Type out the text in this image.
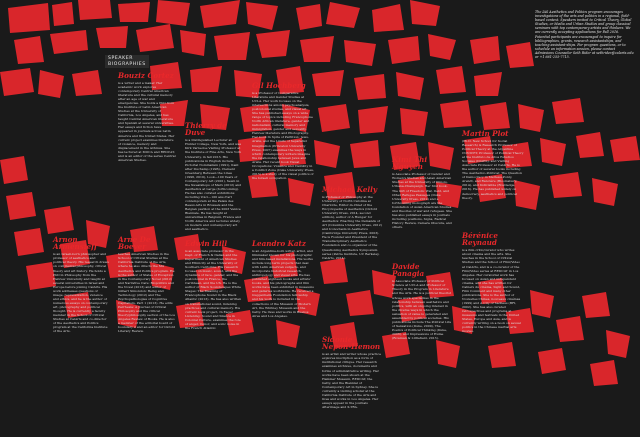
SPEAKER
BIOGRAPHIES
The IAS Aesthetics and Politics program encourages investigations of the arts and politics in a regional, field-based context. Speakers invited to Critical Theory, Global Studies, or Media and Urban Studies and group classical seminars with top contemporary artists and thinkers. We are currently accepting applications for Fall 2016. Potential participants are encouraged to inquire for bibliographies, grants, research assistantships, and teaching assistant-ships. For program questions, or to schedule an information session, please contact Admissions Counselor Seth Rider at sethrider@calarts.edu or +1 661-255-7715.
Arnon Armensieff
is an Israeli-born philosopher and professor of aesthetics and political theory. His research draws on continental philosophy, critical theory and art history. He holds a PhD in Philosophy from the Hebrew University and taught at several universities in Israel and Europe before joining CalArts. His work addresses questions of image, representation, violence and ethics, and he is the author of numerous essays on contemporary art, photography and political thought. He is currently a faculty member in the School of Critical Studies at CalArts and co-director of the Aesthetics and Politics program at the California Institute of the Arts.
Bouziz Cortez
is a writer and a maker. Her academic work explores contemporary Central American literature and the cultural memory after an age of war and emergencies. She holds a PhD from the Institute of Latin American Studies at the University of California, Los Angeles, and has taught Central American literature and Spanish at several universities. Her essays and fiction have appeared in journals across Latin America and the United States. Her current project examines literature of violence, memory and displacement in the isthmus. She has lectured at MOCA and REDCAT, and is an editor of the series Central American Studies.
Arne De Boever
teaches American Studies in the School of Critical Studies at the California Institute of the Arts, where he also directs the MA Aesthetics and Politics program. He is the author of States of Exception in the Contemporary Novel (2012) and Narrative Care: Biopolitics and the Novel (2013) and editor of Gilbert Simondon: Being and Technology (2012) and The Psychopathologies of Cognitive Capitalism, Part 1 (2013). He edits Parrhesia: A Journal of Critical Philosophy and the critical theory/philosophy section of the Los Angeles Review of Books. He is also a member of the editorial board of boundary 2 and an editor for Oxford Literary Review.
Thierry de Duve
is a Distinguished Lecturer at Hunter College, New York, and was Kirk Varnedoe Visiting Professor at the Institute of Fine Arts, New York University, in fall 2013. His publications in English include Pictorial Nominalism (1991), Kant after Duchamp (1996), Clement Greenberg Between the Lines (1996, 2010), Look—100 Years of Contemporary Art (2001), Sewn in the Sweatshops of Marx (2012) and Aesthetics at Large (forthcoming). He has also curated exhibitions including Voici—100 ans d'art contemporain at the Palais des Beaux-Arts in Brussels and the Belgian pavilion at the 2003 Venice Biennale. He has taught at universities in Belgium, France and North America and lectures widely on modern and contemporary art and aesthetics.
Edwin Hill
is an associate professor in the Dept. of French & Italian and the Department of American Studies and Ethnicity at the University of Southern California. His research focuses on music, sound, and the dynamics of race, gender, and the postcolonial in France, the Caribbean, and the US. He is the author of Black Soundscapes White Stages: The Meaning of Francophone Sound in the Black Atlantic (2013). He has also written on transnational sound, listening practices and cultural memory. His current book project, In Eager Listening: Sound and Silence in Colonial Culture, examines the role of anger, rumor, and sonic noise in the French Atlantic.
Gil Hochberg
is a Professor of Comparative Literature and Gender Studies at UCLA. Her work focuses on the intersections among psychoanalysis, postcolonial studies, and visual art. She has published essays on a wide range of topics including Francophone North African literature, gender and nationalism, cultural memory and immigration, gender and sexuality, Hebrew literature and Photography. Her book In Spite of Partition: Jews, Arabs, and the Limits of Separatist Imagination (Princeton University Press, 2007) examines the ways in which contemporary writers imagine the relationship between Jews and Arabs. Her recent book Visual Occupations: Violence and Visibility in a Conflict Zone (Duke University Press, 2015) is a study of the visual politics of the Israeli occupation.
Leandro Katz
is an Argentine-born writer, artist, and filmmaker known for his photographic and film-based installations. His works include long-term projects that deal with Latin American subjects, and incorporate historical research, anthropology and visual arts. He has published eighteen books and artists' books, and his photographs and film works have been exhibited in museums and galleries worldwide. He received a Guggenheim Foundation fellowship and his work is included in the collections of the Museum of Modern Art, the Whitney Museum and the Getty. He lives and works in Buenos Aires and Los Angeles.
Michael Kelly
is Professor of Philosophy at the University of North Carolina at Charlotte, Editor-in-Chief of the Encyclopedia of Aesthetics (Oxford University Press, 2014, second edition), author of A Hunger for Aesthetics: Enacting the Demands of Art (Columbia University Press, 2012) and Iconoclasm in Aesthetics (Cambridge University Press, 2003). He is Founder and President of the Transdisciplinary Aesthetics Foundation and co-organizer of the Questioning Aesthetics Symposium series (Petrie Institute, UC Berkeley, CalArts, 2014).
Sidonie Nepon-Hemon
is an artist and writer whose practice explores inscription as a form of institutional critique. Her research examines archives, documents and forms of administrative writing. Her works have been shown at the Hammer Museum, REDCAT, the Getty, and the Biennial of Contemporary Art in Sydney. She is currently a visiting scholar at the California Institute of the Arts and lives and works in Los Angeles. Her essays appear in the journals Afterimage and X-TRA.
Kimi Thi Nguyen
is Associate Professor of Gender and Women's Studies and Asian American Studies at the University of Illinois, Urbana-Champaign. Her first book, The Gift of Freedom: War, Debt, and Other Refugee Passages (Duke University Press, 2012) and a forthcoming monograph are the foundation of Asian American Studies and theories of war and refugees. She has also published essays in journals including positions, Signs, Radical History Review, Camera Obscura, and others.
Davide Panagia
is Associate Professor of Political Science at UCLA and Professor of Theory in the Program in Literature and the Arts. He is a political theorist whose work specializes in the relationship between aesthetics and politics, with an ongoing interest in the diverse ways in which the sensation of value is generated and assembled by political societies. His publications include The Political Life of Sensation (Duke, 2009), The Poetics of Political Thinking (Duke, 2006), and Impressions of Hume (Rowman & Littlefield, 2013).
Martin Plot
(Ph.D. New School for Social Research) is Research Professor of Political Theory at the Argentine CONICET, Professor of Political Theory at the Instituto de Altos Estudios Sociales (IDAES), and Visiting Associate Professor at CalArts. He is the author of several books including The Aesthetico-Political: The Question of Democracy in Merleau-Ponty, Arendt, and Rancière (Bloomsbury, 2014), and Indivisible (Routledge, 2016). He has published widely on democracy, aesthetics and political theory.
Bérénice Reynaud
is a film critic/curator who writes about cinema and the arts. She teaches in the School of Critical Studies and the School of Film/Video at CalArts, and is a co-curator of the Film/Video series at REDCAT in Los Angeles. Her curatorial work has focused on Asian and independent cinema, and she has written for Cahiers du cinéma, Sight and Sound, Film Comment and many other publications. She is the author of Nouvelles Chines, nouveaux cinémas (1999) and A City of Sadness (BFI, 2002). She has also curated retrospectives and programs at museums and festivals in the United States, Europe and Asia, and is currently writing on a book on sexual politics in the Chinese martial arts movies.
